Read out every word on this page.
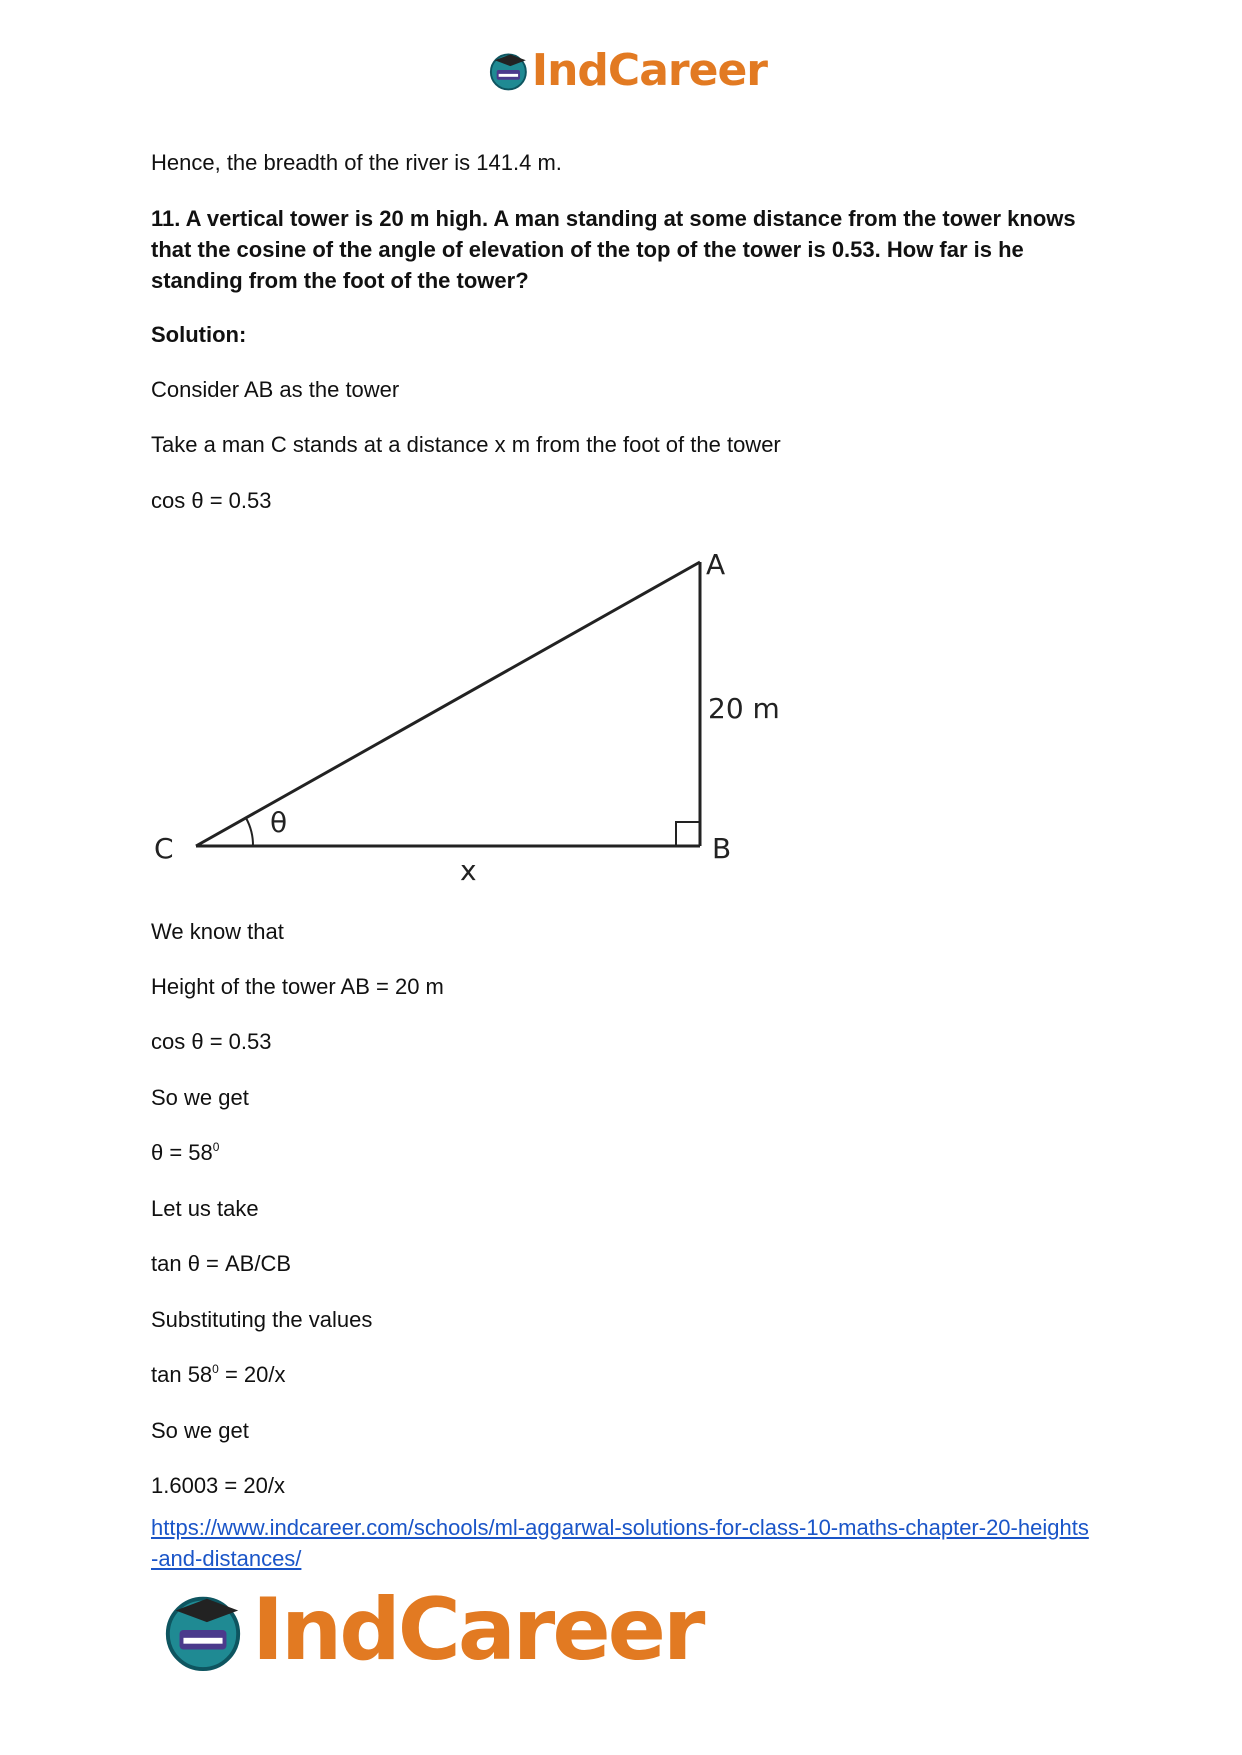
IndCareer
Hence, the breadth of the river is 141.4 m.
11. A vertical tower is 20 m high. A man standing at some distance from the tower knows that the cosine of the angle of elevation of the top of the tower is 0.53. How far is he standing from the foot of the tower?
Solution:
Consider AB as the tower
Take a man C stands at a distance x m from the foot of the tower
cos θ = 0.53
A
B
C
20 m
x
θ
We know that
Height of the tower AB = 20 m
cos θ = 0.53
So we get
$\theta = 58^0$
Let us take
tan θ = AB/CB
Substituting the values
$\tan 58^0 = 20/x$
So we get
1.6003 = 20/x
https://www.indcareer.com/schools/ml-aggarwal-solutions-for-class-10-maths-chapter-20-heights-and-distances/
IndCareer
